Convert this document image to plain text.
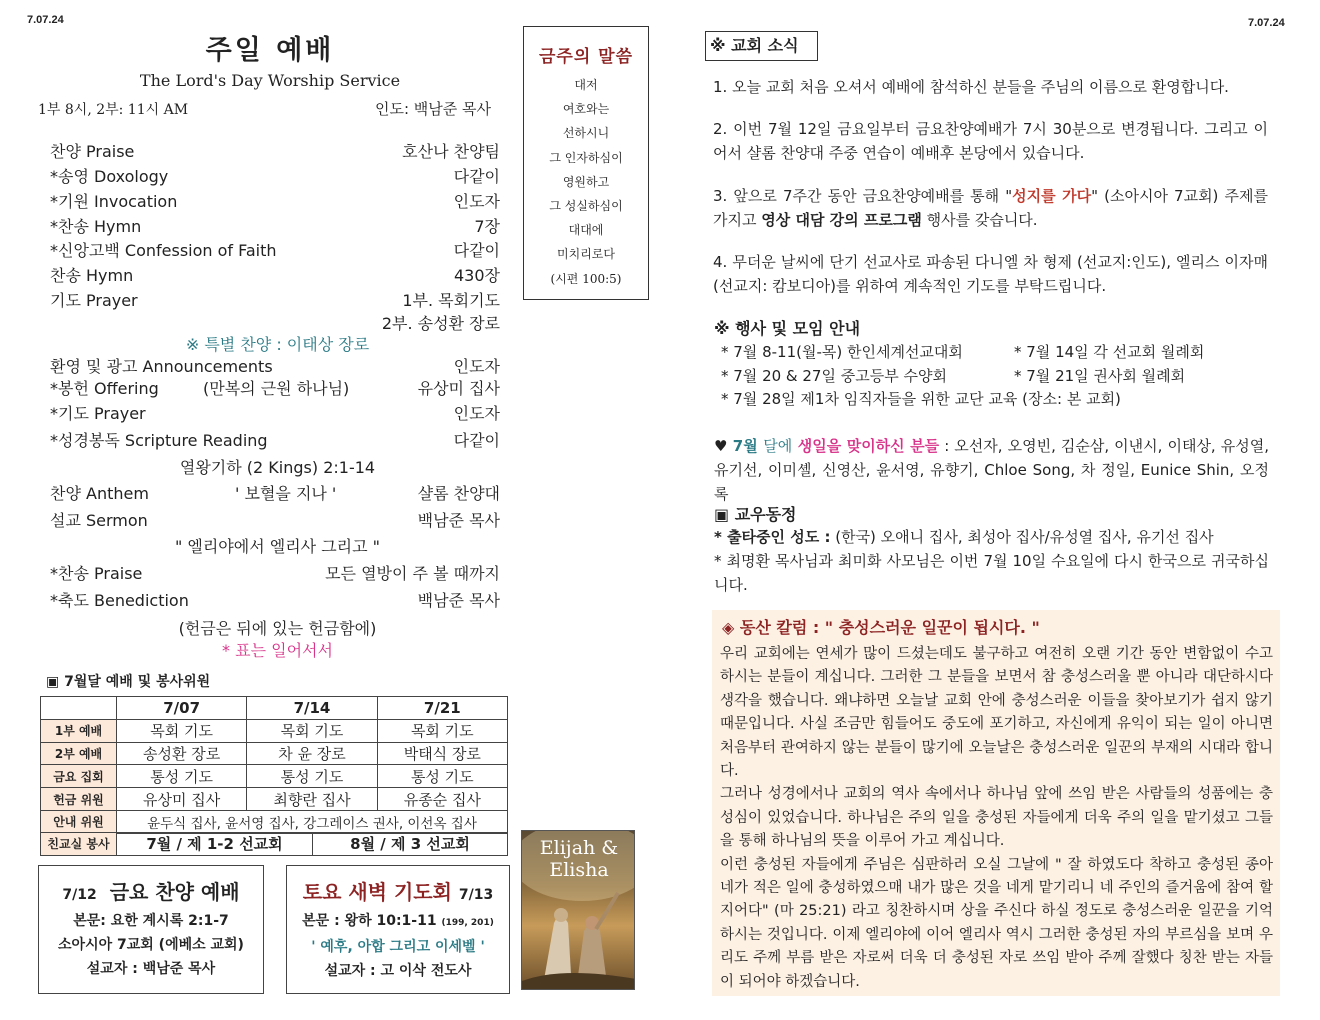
7.07.24	7.07.24
주일 예배
The Lord's Day Worship Service
1부 8시, 2부: 11시 AM	인도: 백남준 목사
찬양 Praise	호산나 찬양팀
*송영 Doxology	다같이
*기원 Invocation	인도자
*찬송 Hymn	7장
*신앙고백 Confession of Faith	다같이
찬송 Hymn	430장
기도 Prayer	1부. 목회기도
2부. 송성환 장로
※ 특별 찬양 : 이태상 장로
환영 및 광고 Announcements	인도자
*봉헌 Offering	(만복의 근원 하나님)	유상미 집사
*기도 Prayer	인도자
*성경봉독 Scripture Reading	다같이
열왕기하 (2 Kings) 2:1-14
찬양 Anthem	' 보혈을 지나 '	샬롬 찬양대
설교 Sermon	백남준 목사
" 엘리야에서 엘리사 그리고 "
*찬송 Praise	모든 열방이 주 볼 때까지
*축도 Benediction	백남준 목사
(헌금은 뒤에 있는 헌금함에)
* 표는 일어서서
금주의 말씀
대저
여호와는
선하시니
그 인자하심이
영원하고
그 성실하심이
대대에
미치리로다
(시편 100:5)
▣ 7월달 예배 및 봉사위원
	7/07	7/14	7/21
1부 예배	목회 기도	목회 기도	목회 기도
2부 예배	송성환 장로	차 윤 장로	박태식 장로
금요 집회	통성 기도	통성 기도	통성 기도
헌금 위원	유상미 집사	최향란 집사	유종순 집사
안내 위원	윤두식 집사, 윤서영 집사, 강그레이스 권사, 이선옥 집사		
친교실 봉사	7월 / 제 1-2 선교회	8월 / 제 3 선교회
7/12 금요 찬양 예배
본문: 요한 계시록 2:1-7
소아시아 7교회 (에베소 교회)
설교자 : 백남준 목사
토요 새벽 기도회 7/13
본문 : 왕하 10:1-11 (199, 201)
' 예후, 아합 그리고 이세벨 '
설교자 : 고 이삭 전도사
Elijah &
Elisha
※ 교회 소식
1. 오늘 교회 처음 오셔서 예배에 참석하신 분들을 주님의 이름으로 환영합니다.
2. 이번 7월 12일 금요일부터 금요찬양예배가 7시 30분으로 변경됩니다. 그리고 이어서 샬롬 찬양대 주중 연습이 예배후 본당에서 있습니다.
3. 앞으로 7주간 동안 금요찬양예배를 통해 "성지를 가다" (소아시아 7교회) 주제를 가지고 영상 대담 강의 프로그램 행사를 갖습니다.
4. 무더운 날씨에 단기 선교사로 파송된 다니엘 차 형제 (선교지:인도), 엘리스 이자매 (선교지: 캄보디아)를 위하여 계속적인 기도를 부탁드립니다.
※ 행사 및 모임 안내
* 7월 8-11(월-목) 한인세계선교대회	* 7월 14일 각 선교회 월례회
* 7월 20 & 27일 중고등부 수양회	* 7월 21일 권사회 월례회
* 7월 28일 제1차 임직자들을 위한 교단 교육 (장소: 본 교회)
♥ 7월 달에 생일을 맞이하신 분들 : 오선자, 오영빈, 김순삼, 이낸시, 이태상, 유성열, 유기선, 이미셸, 신영산, 윤서영, 유향기, Chloe Song, 차 정일, Eunice Shin, 오정록
▣ 교우동정
* 출타중인 성도 : (한국) 오애니 집사, 최성아 집사/유성열 집사, 유기선 집사
* 최명환 목사님과 최미화 사모님은 이번 7월 10일 수요일에 다시 한국으로 귀국하십니다.
◈ 동산 칼럼 : " 충성스러운 일꾼이 됩시다. "
우리 교회에는 연세가 많이 드셨는데도 불구하고 여전히 오랜 기간 동안 변함없이 수고하시는 분들이 계십니다. 그러한 그 분들을 보면서 참 충성스러울 뿐 아니라 대단하시다 생각을 했습니다. 왜냐하면 오늘날 교회 안에 충성스러운 이들을 찾아보기가 쉽지 않기 때문입니다. 사실 조금만 힘들어도 중도에 포기하고, 자신에게 유익이 되는 일이 아니면 처음부터 관여하지 않는 분들이 많기에 오늘날은 충성스러운 일꾼의 부재의 시대라 합니다.
그러나 성경에서나 교회의 역사 속에서나 하나님 앞에 쓰임 받은 사람들의 성품에는 충성심이 있었습니다. 하나님은 주의 일을 충성된 자들에게 더욱 주의 일을 맡기셨고 그들을 통해 하나님의 뜻을 이루어 가고 계십니다.
이런 충성된 자들에게 주님은 심판하러 오실 그날에 " 잘 하였도다 착하고 충성된 종아 네가 적은 일에 충성하였으매 내가 많은 것을 네게 맡기리니 네 주인의 즐거움에 참여 할지어다" (마 25:21) 라고 칭찬하시며 상을 주신다 하실 정도로 충성스러운 일꾼을 기억하시는 것입니다. 이제 엘리야에 이어 엘리사 역시 그러한 충성된 자의 부르심을 보며 우리도 주께 부름 받은 자로써 더욱 더 충성된 자로 쓰임 받아 주께 잘했다 칭찬 받는 자들이 되어야 하겠습니다.
